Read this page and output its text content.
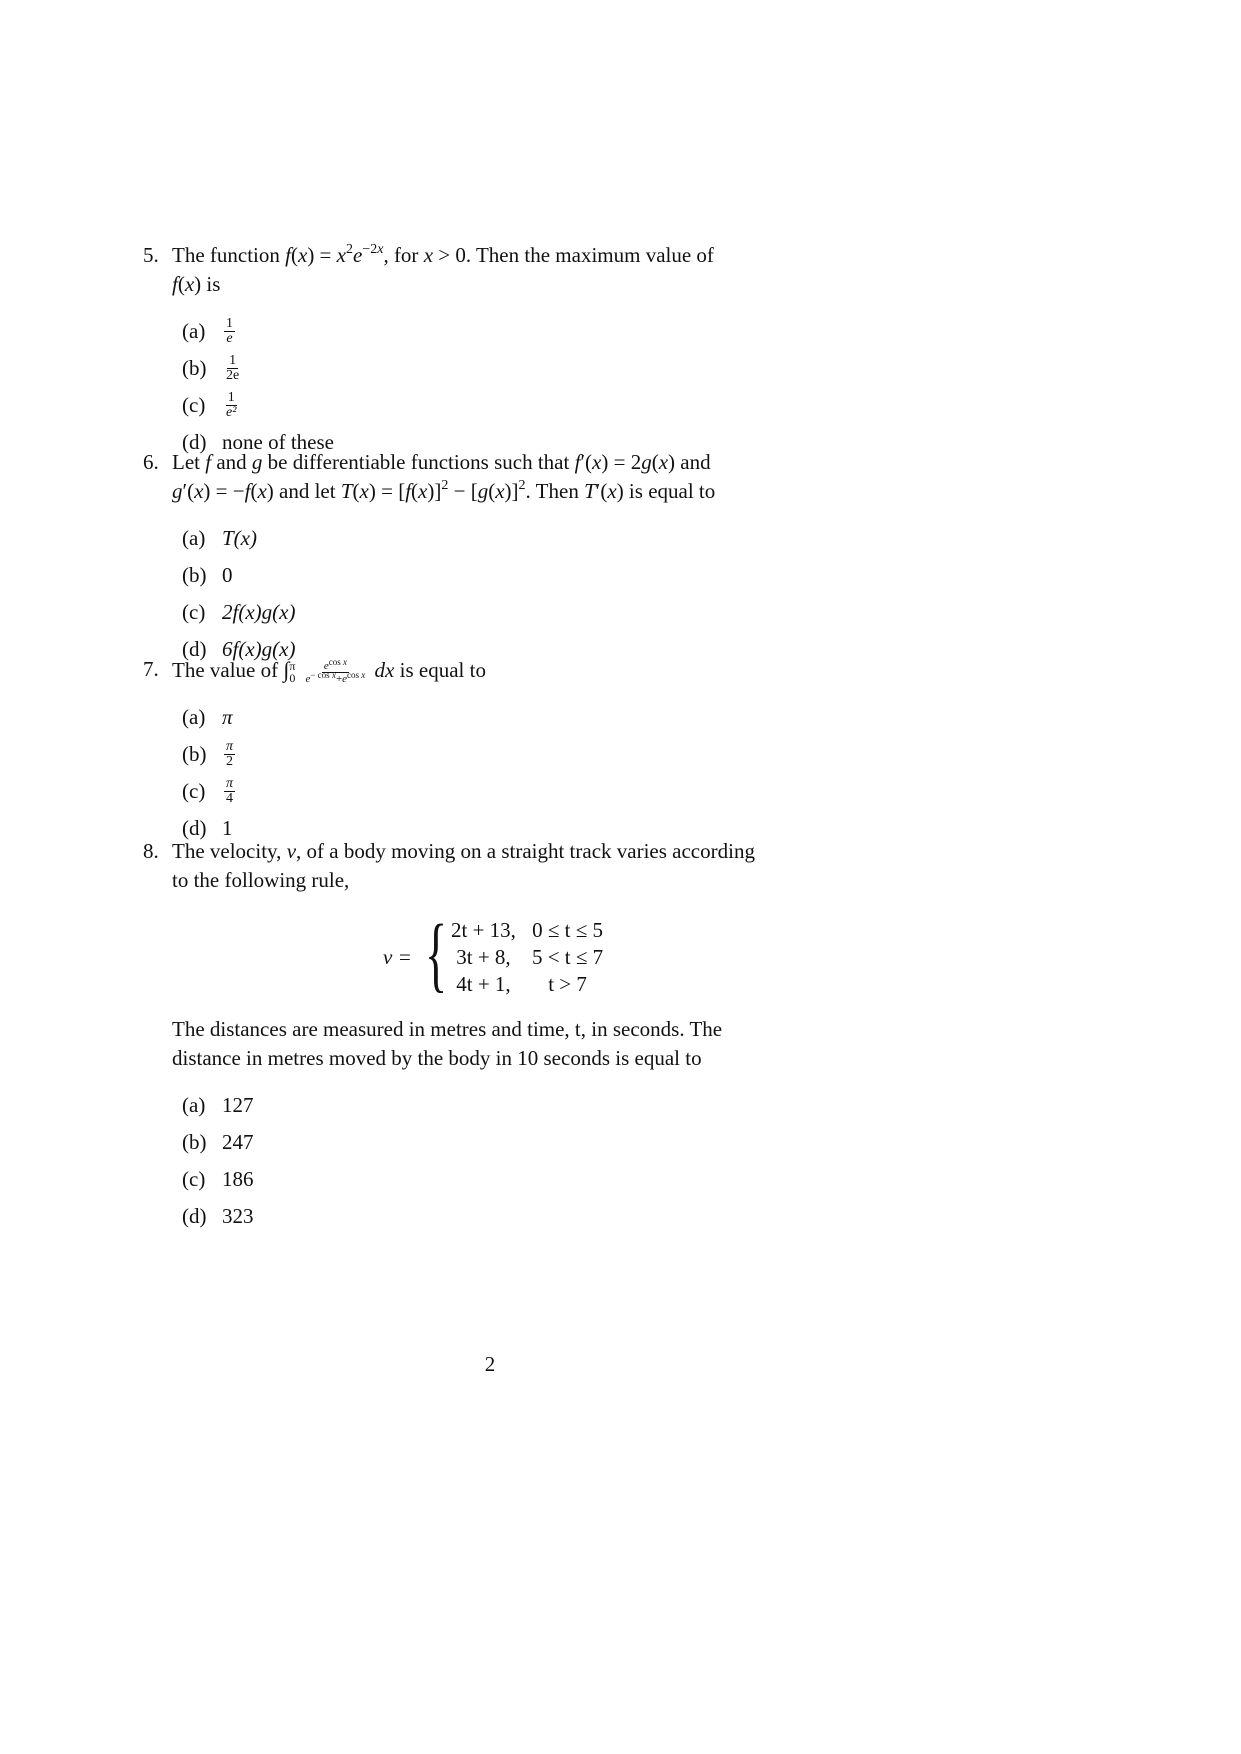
5. The function $f(x) = x^2e^{-2x}$, for x > 0. Then the maximum value of
f(x) is
(a)	$\frac{1}{e}$
(b)	$\frac{1}{2e}$
(c)	$\frac{1}{\text{e²}}$
(d) none of these
6. Let f and g be differentiable functions such that f′(x) = 2g(x) and
g′(x) = −f(x) and let $T(x) = [f(x)]^2 - [g(x)]^2$. Then T′(x) is equal to
(a) T(x)
(b) 0
(c) 2f(x)g(x)
(d) 6f(x)g(x)
7. The value of ∫ π
$0 \frac{e^{cos x}}{e^{- cos x}+e^{cos x}}$ dx is equal to
(a) π
(b)	$\frac{\pi}{2}$
(c)	$\frac{\pi}{4}$
(d) 1
8. The velocity, v, of a body moving on a straight track varies according
to the following rule,
v = { 2t + 13,	0 ≤ t ≤ 5
3t + 8,	5 < t ≤ 7
4t + 1,	t > 7
The distances are measured in metres and time, t, in seconds. The
distance in metres moved by the body in 10 seconds is equal to
(a) 127
(b) 247
(c) 186
(d) 323
2
